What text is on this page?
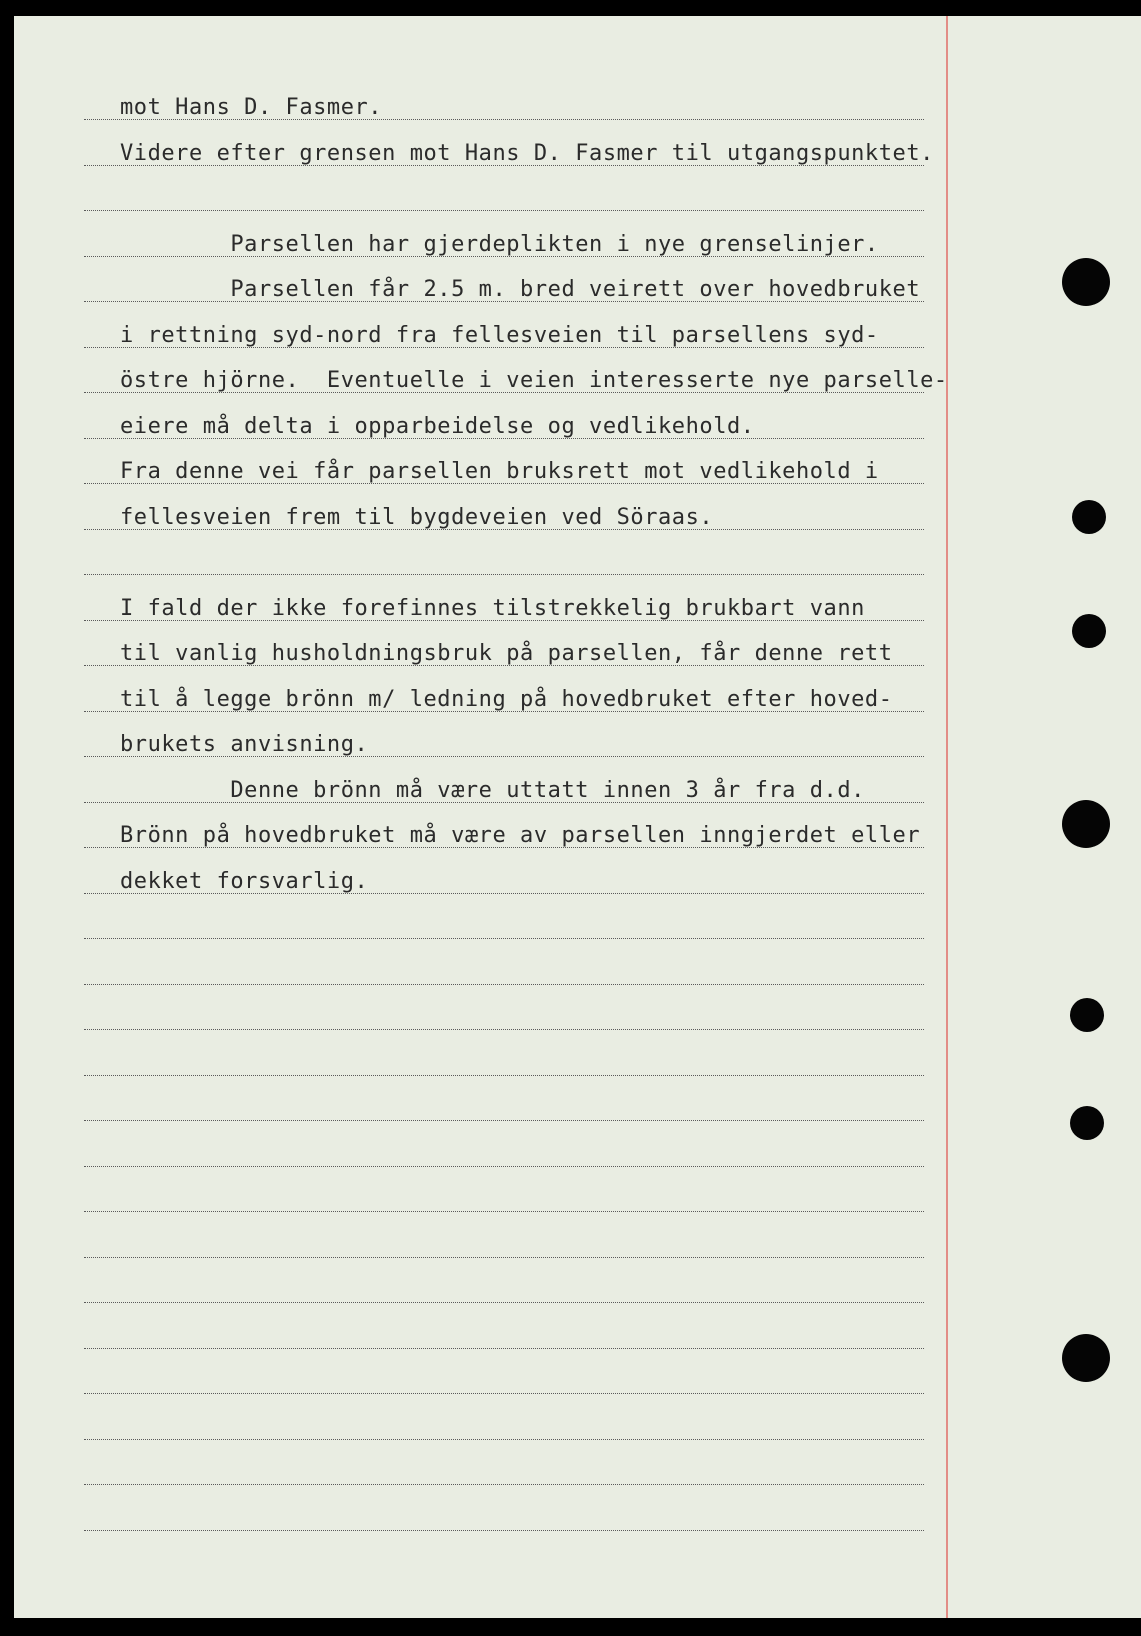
mot Hans D. Fasmer.
Videre efter grensen mot Hans D. Fasmer til utgangspunktet.
Parsellen har gjerdeplikten i nye grenselinjer.
Parsellen får 2.5 m. bred veirett over hovedbruket
i rettning syd-nord fra fellesveien til parsellens syd-
östre hjörne.  Eventuelle i veien interesserte nye parselle-
eiere må delta i opparbeidelse og vedlikehold.
Fra denne vei får parsellen bruksrett mot vedlikehold i
fellesveien frem til bygdeveien ved Söraas.
I fald der ikke forefinnes tilstrekkelig brukbart vann
til vanlig husholdningsbruk på parsellen, får denne rett
til å legge brönn m/ ledning på hovedbruket efter hoved-
brukets anvisning.
Denne brönn må være uttatt innen 3 år fra d.d.
Brönn på hovedbruket må være av parsellen inngjerdet eller
dekket forsvarlig.
